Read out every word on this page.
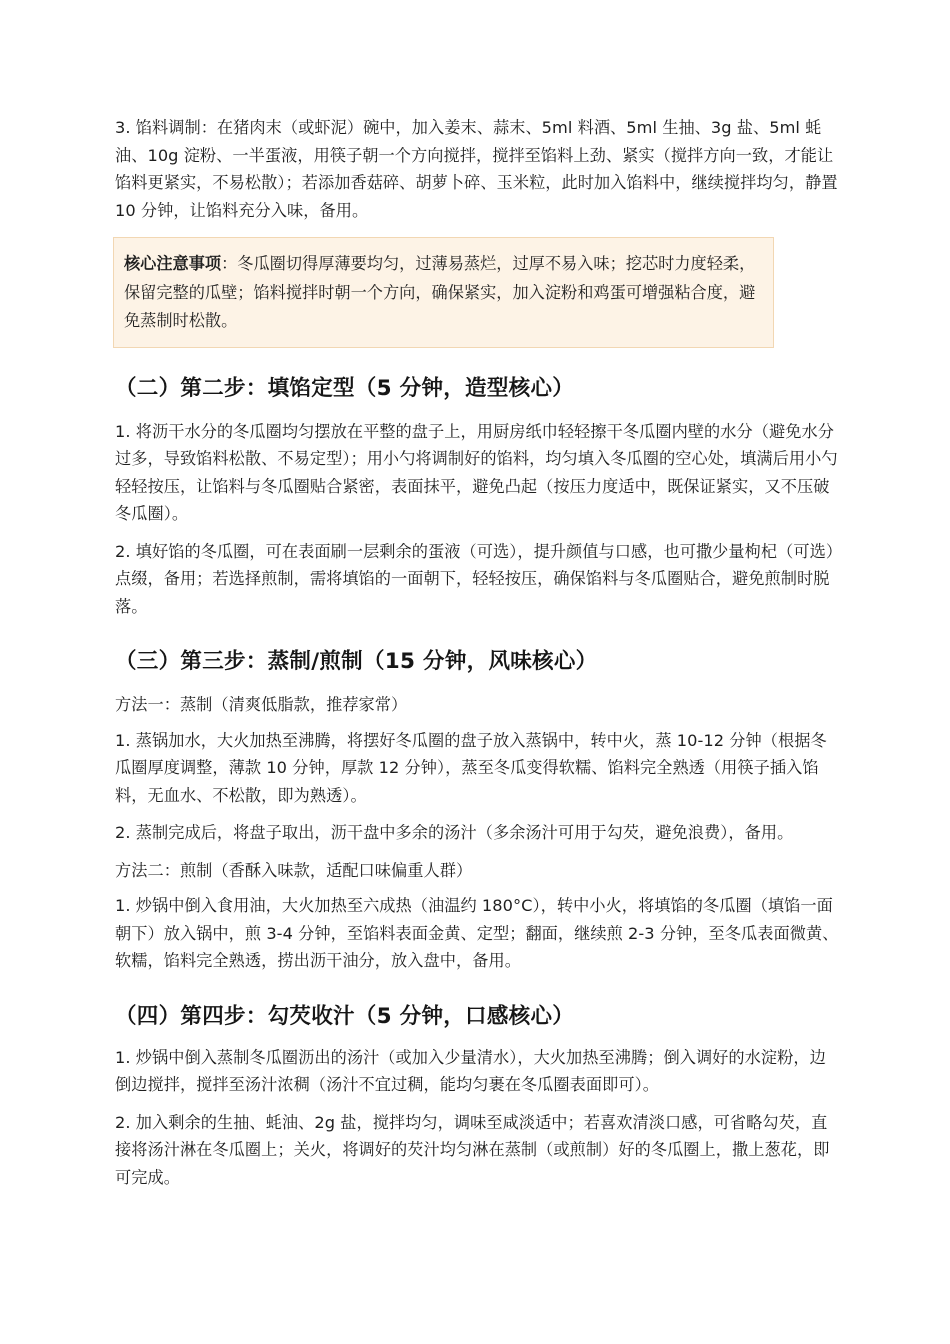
3. 馅料调制：在猪肉末（或虾泥）碗中，加入姜末、蒜末、5ml 料酒、5ml 生抽、3g 盐、5ml 蚝油、10g 淀粉、一半蛋液，用筷子朝一个方向搅拌，搅拌至馅料上劲、紧实（搅拌方向一致，才能让馅料更紧实，不易松散）；若添加香菇碎、胡萝卜碎、玉米粒，此时加入馅料中，继续搅拌均匀，静置 10 分钟，让馅料充分入味，备用。

核心注意事项：冬瓜圈切得厚薄要均匀，过薄易蒸烂，过厚不易入味；挖芯时力度轻柔，保留完整的瓜壁；馅料搅拌时朝一个方向，确保紧实，加入淀粉和鸡蛋可增强粘合度，避免蒸制时松散。

（二）第二步：填馅定型（5 分钟，造型核心）

1. 将沥干水分的冬瓜圈均匀摆放在平整的盘子上，用厨房纸巾轻轻擦干冬瓜圈内壁的水分（避免水分过多，导致馅料松散、不易定型）；用小勺将调制好的馅料，均匀填入冬瓜圈的空心处，填满后用小勺轻轻按压，让馅料与冬瓜圈贴合紧密，表面抹平，避免凸起（按压力度适中，既保证紧实，又不压破冬瓜圈）。

2. 填好馅的冬瓜圈，可在表面刷一层剩余的蛋液（可选），提升颜值与口感，也可撒少量枸杞（可选）点缀，备用；若选择煎制，需将填馅的一面朝下，轻轻按压，确保馅料与冬瓜圈贴合，避免煎制时脱落。

（三）第三步：蒸制/煎制（15 分钟，风味核心）

方法一：蒸制（清爽低脂款，推荐家常）

1. 蒸锅加水，大火加热至沸腾，将摆好冬瓜圈的盘子放入蒸锅中，转中火，蒸 10-12 分钟（根据冬瓜圈厚度调整，薄款 10 分钟，厚款 12 分钟），蒸至冬瓜变得软糯、馅料完全熟透（用筷子插入馅料，无血水、不松散，即为熟透）。

2. 蒸制完成后，将盘子取出，沥干盘中多余的汤汁（多余汤汁可用于勾芡，避免浪费），备用。

方法二：煎制（香酥入味款，适配口味偏重人群）

1. 炒锅中倒入食用油，大火加热至六成热（油温约 180°C），转中小火，将填馅的冬瓜圈（填馅一面朝下）放入锅中，煎 3-4 分钟，至馅料表面金黄、定型；翻面，继续煎 2-3 分钟，至冬瓜表面微黄、软糯，馅料完全熟透，捞出沥干油分，放入盘中，备用。

（四）第四步：勾芡收汁（5 分钟，口感核心）

1. 炒锅中倒入蒸制冬瓜圈沥出的汤汁（或加入少量清水），大火加热至沸腾；倒入调好的水淀粉，边倒边搅拌，搅拌至汤汁浓稠（汤汁不宜过稠，能均匀裹在冬瓜圈表面即可）。

2. 加入剩余的生抽、蚝油、2g 盐，搅拌均匀，调味至咸淡适中；若喜欢清淡口感，可省略勾芡，直接将汤汁淋在冬瓜圈上；关火，将调好的芡汁均匀淋在蒸制（或煎制）好的冬瓜圈上，撒上葱花，即可完成。
